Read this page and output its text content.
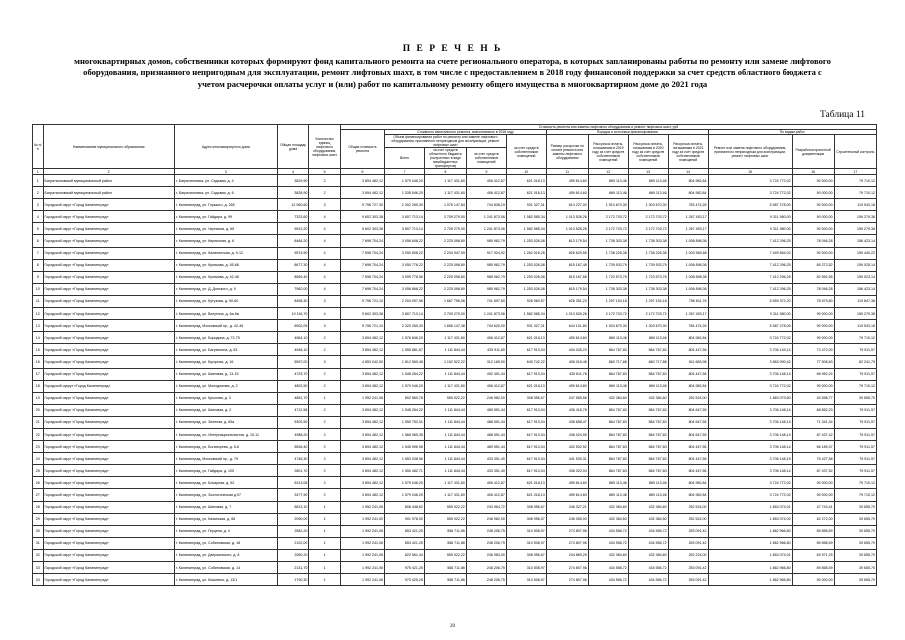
П Е Р Е Ч Е Н Ь
многоквартирных домов, собственники которых формируют фонд капитального ремонта на счете регионального оператора, в которых запланированы работы по ремонту или замене лифтового оборудования, признанного непригодным для эксплуатации, ремонт лифтовых шахт, в том числе с предоставлением в 2018 году финансовой поддержки за счет средств областного бюджета с учетом расчерочки оплаты услуг и (или) работ по капитальному ремонту общего имущества в многоквартирном доме до 2021 года
Таблица 11
№ п/п	Наименование муниципального образования	Адрес многоквартирного дома	Общая площадь дома	Количество единиц лифтового оборудования, лифтовых шахт	Стоимость ремонта или замены лифтового оборудования и ремонт лифтовых шахт, руб											
					Общая стоимость ремонта	Стоимость капитального ремонта, выполняемого в 2018 году				Порядок и источники финансирования				По видам работ		
						Объем финансирования работ по ремонту или замене лифтового оборудования, признанного непригодным для эксплуатации, ремонт лифтовых шахт			за счет средств собственников помещений	Размер рассрочки по оплате ремонта или замены лифтового оборудования	Рассрочка оплаты, погашаемая в 2019 году за счет средств собственников помещений	Рассрочка оплаты, погашаемая в 2020 году за счет средств собственников помещений	Рассрочка оплаты, погашаемая в 2021 году за счет средств собственников помещений	Ремонт или замена лифтового оборудования, признанного непригодным для эксплуатации, ремонт лифтовых шахт	Разработка проектной документации	Строительный контроль
						Всего	за счет средств областного бюджета (полученных в виде межбюджетных трансфертов)	за счет средств собственников помещений								
1	2	3	4	5	6	7	8	9	10	11	12	13	14	15	16	17
1	Багратионовский муниципальный район	г. Багратионовск, ул. Садовая, д. 4	3829,90	2	3 894 482,12	1 579 046,20	1 117 431,60	406 412,87	621 018,13	459 614,60	869 113,46	869 113,46	804 982,84	3 724 772,02	90 000,00	79 710,12
2	Багратионовский муниципальный район	г. Багратионовск, ул. Садовая, д. 6	3828,90	2	3 894 482,12	1 335 546,20	1 117 431,60	406 412,87	621 018,13	459 614,60	869 113,46	869 113,46	804 982,84	3 724 772,02	90 000,00	79 710,12
3	Городской округ «Город Калининград»	г. Калининград, ул. Горького, д. 265	12 060,60	3	5 796 727,30	2 302 269,30	1 076 147,84	744 838,19	931 327,31	614 227,00	1 910 670,30	1 303 670,30	783 474,26	5 587 278,00	90 000,00	119 543,18
4	Городской округ «Город Калининград»	г. Калининград, ул. Гайдара, д. 99	7323,60	4	9 602 303,38	3 807 713,14	2 709 279,00	1 241 873,06	1 582 585,34	1 013 526,26	2 172 703,72	2 172 703,72	1 267 453,17	9 311 980,00	90 000,00	159 279,38
5	Городской округ «Город Калининград»	г. Калининград, ул. Черняхов, д. 65	9512,20	4	9 602 303,38	3 807 713,14	2 709 279,00	1 241 873,06	1 582 585,34	1 013 526,26	2 172 703,72	2 172 703,72	1 267 453,17	9 311 980,00	90 000,00	159 279,38
6	Городской округ «Город Калининград»	г. Калининград, ул. Кирпичная, д. 6	8484,20	4	7 698 704,24	3 056 608,22	2 225 098,80	985 962,79	1 253 026,08	813 179,54	1 738 303,38	1 738 303,38	1 008 898,36	7 412 296,25	78 046,28	158 423,14
7	Городской округ «Город Калининград»	г. Калининград, ул. Калининская, д. 9-12	9574,90	4	7 698 704,24	3 050 608,22	2 234 947,09	917 924,92	1 262 018,28	826 629,55	1 738 226,38	1 738 226,38	1 003 565,68	7 449 564,02	90 000,00	159 440,22
8	Городской округ «Город Калининград»	г. Калининград, ул. Куликова, д. 65-66	8677,30	4	7 698 704,24	3 050 776,22	2 225 098,80	985 962,79	1 253 026,08	815 167,48	1 739 933,79	1 739 933,79	1 008 898,36	7 412 296,25	65 272,52	159 025,14
9	Городской округ «Город Калининград»	г. Калининград, ул. Куликова, д. 42-48	8569,40	4	7 698 704,24	3 099 778,96	2 225 098,80	985 962,79	1 253 026,08	815 167,58	1 723 573,76	1 723 573,76	1 008 898,36	7 412 296,25	82 952,55	159 023,14
10	Городской округ «Город Калининград»	г. Калининград, ул. Д. Донского, д. 9	7962,00	4	7 698 704,24	3 056 868,22	2 225 098,80	985 962,79	1 253 026,08	815 179,54	1 738 303,38	1 738 303,38	1 008 898,36	7 412 296,25	78 046,28	158 423,14
11	Городской округ «Город Калининград»	г. Калининград, ул. Кутузова, д. 50-60	8458,30	3	5 796 721,10	2 204 097,96	1 667 796,06	741 697,60	926 960,57	626 351,23	1 297 154,18	1 297 154,18	756 611,76	5 559 372,20	78 979,80	119 847,36
12	Городской округ «Город Калининград»	г. Калининград, ул. Ватутина, д. 6а-6в	10 116,70	4	9 602 303,38	3 807 713,14	2 709 279,00	1 241 873,06	1 582 585,34	1 013 526,26	2 172 703,72	2 172 703,72	1 267 453,17	9 311 980,00	90 000,00	159 279,38
13	Городской округ «Город Калининград»	г. Калининград, Московский пр., д. 42-46	6902,09	3	5 796 721,10	2 320 269,30	1 656 147,48	744 620,00	931 327,31	644 121,80	1 924 670,30	1 303 670,30	784 474,26	5 587 278,00	90 000,00	119 543,18
14	Городской округ «Город Калининград»	г. Калининград, ул. Бородина, д. 72-75	4964,10	2	3 894 482,12	1 576 846,20	1 117 431,60	406 412,87	621 018,13	459 614,60	869 113,46	869 113,46	804 982,84	3 724 772,02	90 000,00	79 710,12
15	Городской округ «Город Калининград»	г. Калининград, ул. Багратиона, д. 63	4948,10	2	3 894 482,12	1 555 881,67	1 111 844,44	439 911,60	617 913,04	444 035,23	864 767,83	864 767,83	804 447,56	3 706 149,14	72 472,00	79 911,57
16	Городской округ «Город Калининград»	г. Калининград, ул. Бугорная, д. 16	5597,00	3	4 853 042,00	1 612 560,46	1 152 522,22	312 189,00	640 742,22	406 016,48	860 717,88	860 717,88	811 683,98	3 863 090,42	77 508,63	82 241,79
17	Городской округ «Город Калининград»	г. Калининград, ул. Шиповая, д. 13-15	4729,70	2	3 894 482,12	1 548 264,22	1 111 844,44	492 451,44	617 913,04	435 611,78	864 767,83	864 767,83	804 447,56	3 706 148,14	66 952,24	79 911,57
18	Городской оукруг «Город Калининград»	г. Калининград, ул. Молодежная, д. 2	4802,50	2	3 894 482,12	1 579 046,20	1 117 431,60	406 412,87	621 018,13	459 614,60	869 113,46	869 113,46	804 982,84	3 724 772,02	90 000,00	79 710,12
19	Городской округ «Город Калининград»	г. Калининград, ул. Крылова, д. 3	4851,70	1	1 952 241,06	802 560,78	555 922,22	246 982,00	308 956,57	247 565,56	432 384,60	432 384,60	252 524,00	1 863 079,60	43 598,77	39 655,70
20	Городской округ «Город Калининград»	г. Калининград, ул. Шиповая, д. 2	4712,58	2	3 894 482,12	1 548 264,22	1 111 844,44	489 551,44	617 913,04	436 418,78	864 767,83	864 767,83	804 647,55	3 706 148,14	68 852,23	79 911,57
21	Городской округ «Город Калининград»	г. Калининград, ул. Зеленая, д. 65а	5302,50	2	3 894 482,12	1 550 753,31	1 111 844,44	488 551,44	617 913,04	436 658,47	864 767,83	864 767,83	804 647,55	3 706 148,14	71 341,34	79 911,57
22	Городской округ «Город Калининград»	г. Калининград, пл. Интернационалистов, д. 10-11	4988,20	2	3 894 482,12	1 568 965,35	1 111 844,44	488 551,44	617 913,04	436 024,95	864 767,83	864 767,83	804 647,55	3 706 148,14	87 437,42	79 911,57
23	Городской округ «Город Калининград»	г. Калининград, ул. Богатырева, д. 5-6	5526,40	2	3 894 482,12	1 545 596,96	1 111 844,44	489 551,44	617 913,04	432 502,52	864 767,83	864 767,83	804 447,56	3 706 148,14	66 189,37	79 911,57
24	Городской округ «Город Калининград»	г. Калининград, Московский пр., д. 79	4746,30	2	3 894 482,12	1 553 038,96	1 111 844,44	433 351,40	617 913,04	441 539,31	864 767,83	864 767,83	804 447,56	3 706 148,15	75 427,58	79 911,57
25	Городской округ «Город Калининград»	г. Калининград, ул. Гайдара, д. 105	2801,70	2	3 894 482,12	1 550 482,71	1 111 844,44	433 351,40	617 913,04	436 022,04	864 767,83	864 767,83	804 447,56	3 706 148,14	87 437,52	79 911,57
26	Городской округ «Город Калининград»	г. Калининград, ул. Бочарная, д. 52	5313,08	2	3 894 482,12	1 579 046,20	1 117 431,60	406 412,87	621 018,13	459 614,60	869 113,46	869 113,46	804 982,84	3 724 772,02	90 000,00	79 710,12
27	Городской округ «Город Калининград»	г. Калининград, ул. Зоологическая д.97	3477,90	2	3 894 482,12	1 579 046,20	1 117 431,60	406 412,87	621 018,13	459 614,60	869 113,46	869 113,46	804 982,84	3 724 772,02	90 000,00	79 710,12
28	Городской округ «Город Калининград»	г. Калининград, ул. Шиповая, д. 7	5813,10	1	1 952 241,06	808 448,62	555 922,22	243 964,72	308 956,57	246 327,21	432 384,60	432 384,60	252 524,00	1 853 074,01	47 743,41	39 655,70
29	Городской округ «Город Калининград»	г. Калининград, ул. Казанская, д. 66	2090,00	1	1 992 241,00	901 978,00	555 922,22	246 982,00	308 956,57	246 055,00	432 384,60	432 384,60	252 524,00	1 853 074,02	62 272,00	39 655,70
30	Городской округ «Город Калининград»	г. Калининград, ул. Герцена, д. 4	2582,20	1	1 992 241,06	853 421,25	558 711,86	248 206,75	310 508,97	274 807,96	434 556,72	434 556,72	253 091,42	1 862 966,80	89 858,59	39 655,70
31	Городской округ «Город Калининград»	г. Калининград, ул. Собиновская, д. 18	2122,00	1	1 992 241,06	853 421,25	558 711,86	248 206,75	310 508,97	274 807,96	434 556,72	434 556,72	253 091,42	1 862 966,80	89 858,59	39 655,70
32	Городской округ «Город Калининград»	г. Калининград, ул. Дзержинского, д. 8	2080,20	1	1 992 241,06	822 561,44	555 922,22	246 983,00	308 956,57	244 869,25	432 384,60	432 384,60	252 224,00	1 853 074,01	63 971,25	39 655,70
33	Городской округ «Город Калининград»	г. Калининград, ул. Собиновская, д. 14	2131,70	1	1 992 241,06	975 421,25	558 711,86	248 206,75	310 508,97	274 807,96	434 556,72	434 556,72	253 091,42	1 862 966,80	89 858,59	39 655,70
34	Городской округ «Город Калининград»	г. Калининград, ул. Кошевого, д. 13/1	1790,30	1	1 992 241,06	973 425,26	558 711,86	248 206,75	310 508,97	274 807,96	434 556,72	434 556,72	253 091,42	1 862 966,80	90 000,00	39 655,70
20
